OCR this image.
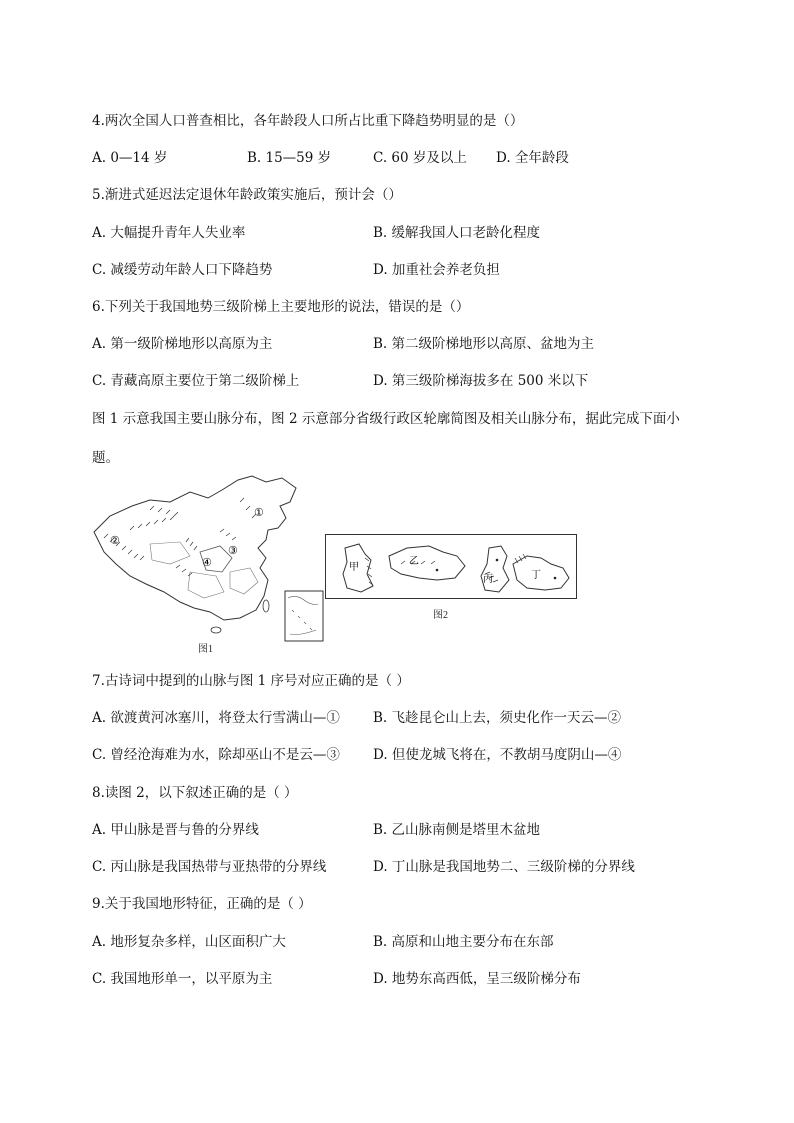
4.两次全国人口普查相比，各年龄段人口所占比重下降趋势明显的是（）
A. 0—14 岁	B. 15—59 岁	C. 60 岁及以上 D. 全年龄段
5.渐进式延迟法定退休年龄政策实施后，预计会（）
A. 大幅提升青年人失业率	B. 缓解我国人口老龄化程度
C. 减缓劳动年龄人口下降趋势	D. 加重社会养老负担
6.下列关于我国地势三级阶梯上主要地形的说法，错误的是（）
A. 第一级阶梯地形以高原为主	B. 第二级阶梯地形以高原、盆地为主
C. 青藏高原主要位于第二级阶梯上	D. 第三级阶梯海拔多在 500 米以下
图 1 示意我国主要山脉分布，图 2 示意部分省级行政区轮廓简图及相关山脉分布，据此完成下面小
题。
①
②
③
④
图1
甲
乙
丙	丁
图2
7.古诗词中提到的山脉与图 1 序号对应正确的是（ ）
A. 欲渡黄河冰塞川，将登太行雪满山—① B. 飞趁昆仑山上去，须史化作一天云—②
C. 曾经沧海难为水，除却巫山不是云—③ D. 但使龙城飞将在，不教胡马度阴山—④
8.读图 2，以下叙述正确的是（ ）
A. 甲山脉是晋与鲁的分界线	B. 乙山脉南侧是塔里木盆地
C. 丙山脉是我国热带与亚热带的分界线	D. 丁山脉是我国地势二、三级阶梯的分界线
9.关于我国地形特征，正确的是（ ）
A. 地形复杂多样，山区面积广大	B. 高原和山地主要分布在东部
C. 我国地形单一，以平原为主	D. 地势东高西低，呈三级阶梯分布
